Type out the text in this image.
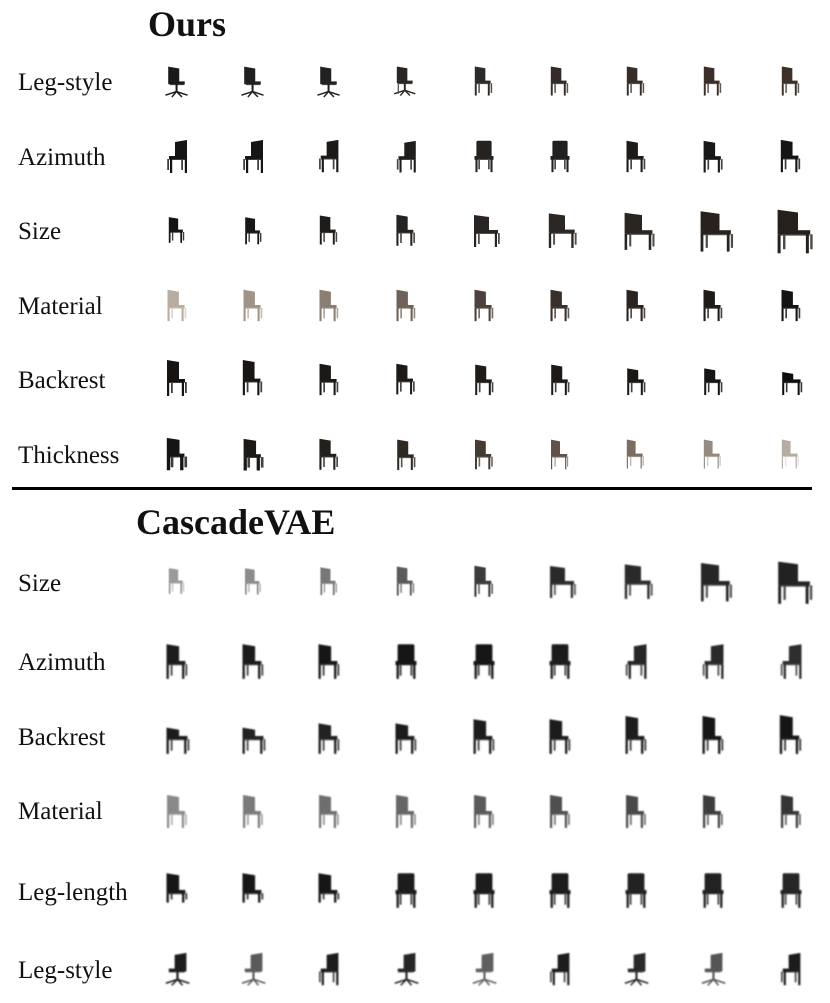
Ours
Leg-style
Azimuth
Size
Material
Backrest
Thickness
CascadeVAE
Size
Azimuth
Backrest
Material
Leg-length
Leg-style
